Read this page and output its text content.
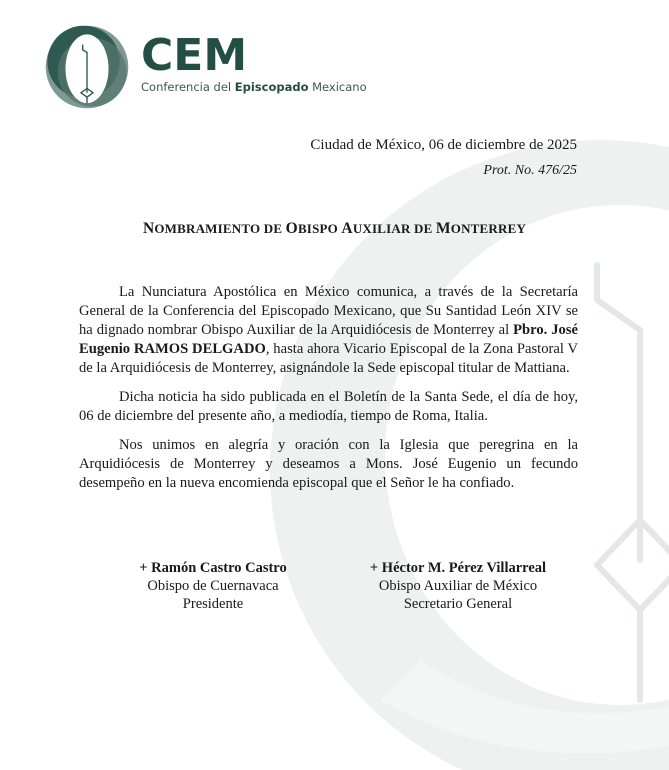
CEM
Conferencia del Episcopado Mexicano
Ciudad de México, 06 de diciembre de 2025
Prot. No. 476/25
NOMBRAMIENTO DE OBISPO AUXILIAR DE MONTERREY

La Nunciatura Apostólica en México comunica, a través de la Secretaría General de la Conferencia del Episcopado Mexicano, que Su Santidad León XIV se ha dignado nombrar Obispo Auxiliar de la Arquidiócesis de Monterrey al Pbro. José Eugenio RAMOS DELGADO, hasta ahora Vicario Episcopal de la Zona Pastoral V de la Arquidiócesis de Monterrey, asignándole la Sede episcopal titular de Mattiana.

Dicha noticia ha sido publicada en el Boletín de la Santa Sede, el día de hoy, 06 de diciembre del presente año, a mediodía, tiempo de Roma, Italia.

Nos unimos en alegría y oración con la Iglesia que peregrina en la Arquidiócesis de Monterrey y deseamos a Mons. José Eugenio un fecundo desempeño en la nueva encomienda episcopal que el Señor le ha confiado.

+ Ramón Castro Castro
Obispo de Cuernavaca
Presidente
+ Héctor M. Pérez Villarreal
Obispo Auxiliar de México
Secretario General
